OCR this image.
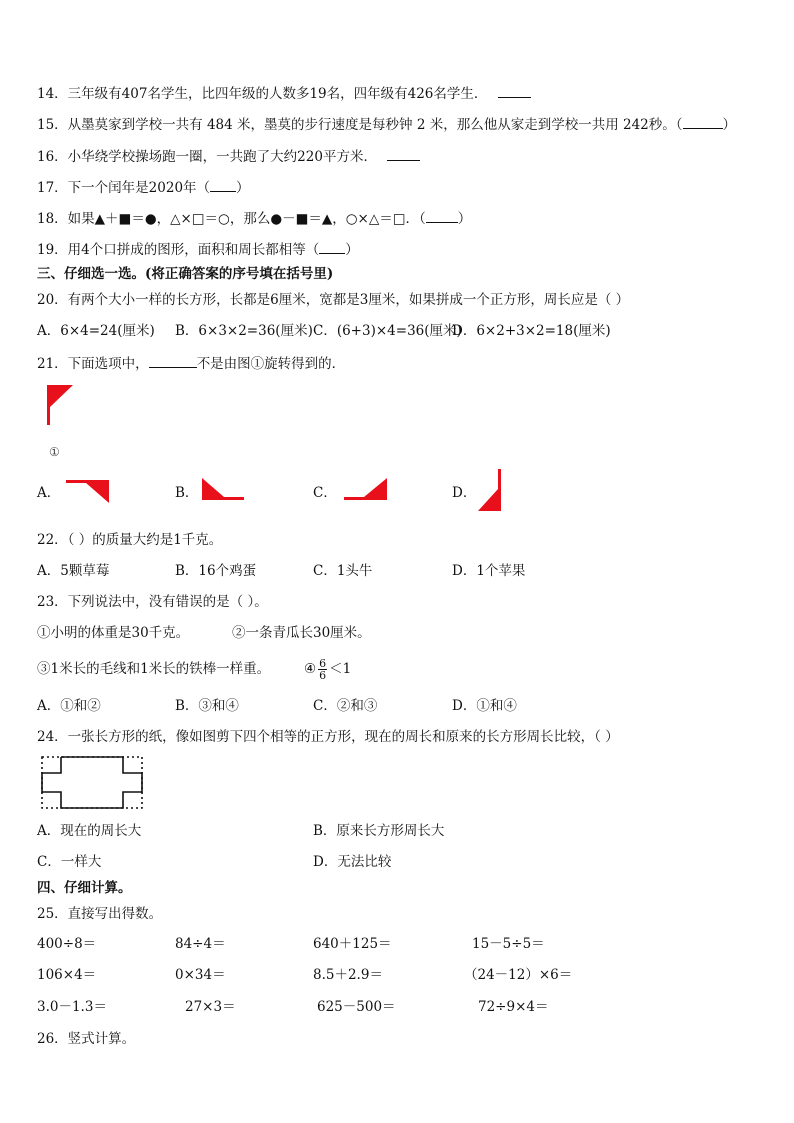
14．三年级有407名学生，比四年级的人数多19名，四年级有426名学生．
15．从墨莫家到学校一共有 484 米，墨莫的步行速度是每秒钟 2 米，那么他从家走到学校一共用 242秒。（	）
16．小华绕学校操场跑一圈，一共跑了大约220平方米．
17．下一个闰年是2020年（ ）
18．如果▲＋■＝●，△×□＝○，那么●－■＝▲，○×△＝□．（ ）
19．用4个口拼成的图形，面积和周长都相等（ ）
三、仔细选一选。(将正确答案的序号填在括号里)
20．有两个大小一样的长方形，长都是6厘米，宽都是3厘米，如果拼成一个正方形，周长应是（ ）
A．6×4=24(厘米) B．6×3×2=36(厘米) C．(6+3)×4=36(厘米)
D．6×2+3×2=18(厘米)
21．下面选项中，	不是由图①旋转得到的．
①
A．	B．	C．	D．
22．（ ）的质量大约是1千克。
A．5颗草莓	B．16个鸡蛋	C．1头牛	D．1个苹果
23．下列说法中，没有错误的是（ ）。
①小明的体重是30千克。	②一条青瓜长30厘米。
③1米长的毛线和1米长的铁棒一样重。	④ $\frac{6}{6} <1$
A．①和②	B．③和④	C．②和③	D．①和④
24．一张长方形的纸，像如图剪下四个相等的正方形，现在的周长和原来的长方形周长比较，（ ）
A．现在的周长大	B．原来长方形周长大
C．一样大	D．无法比较
四、仔细计算。
25．直接写出得数。
400÷8＝	84÷4＝	640＋125＝	15－5÷5＝
106×4＝	0×34＝	8.5＋2.9＝	（24－12）×6＝
3.0－1.3＝	27×3＝	625－500＝	72÷9×4＝
26．竖式计算。
